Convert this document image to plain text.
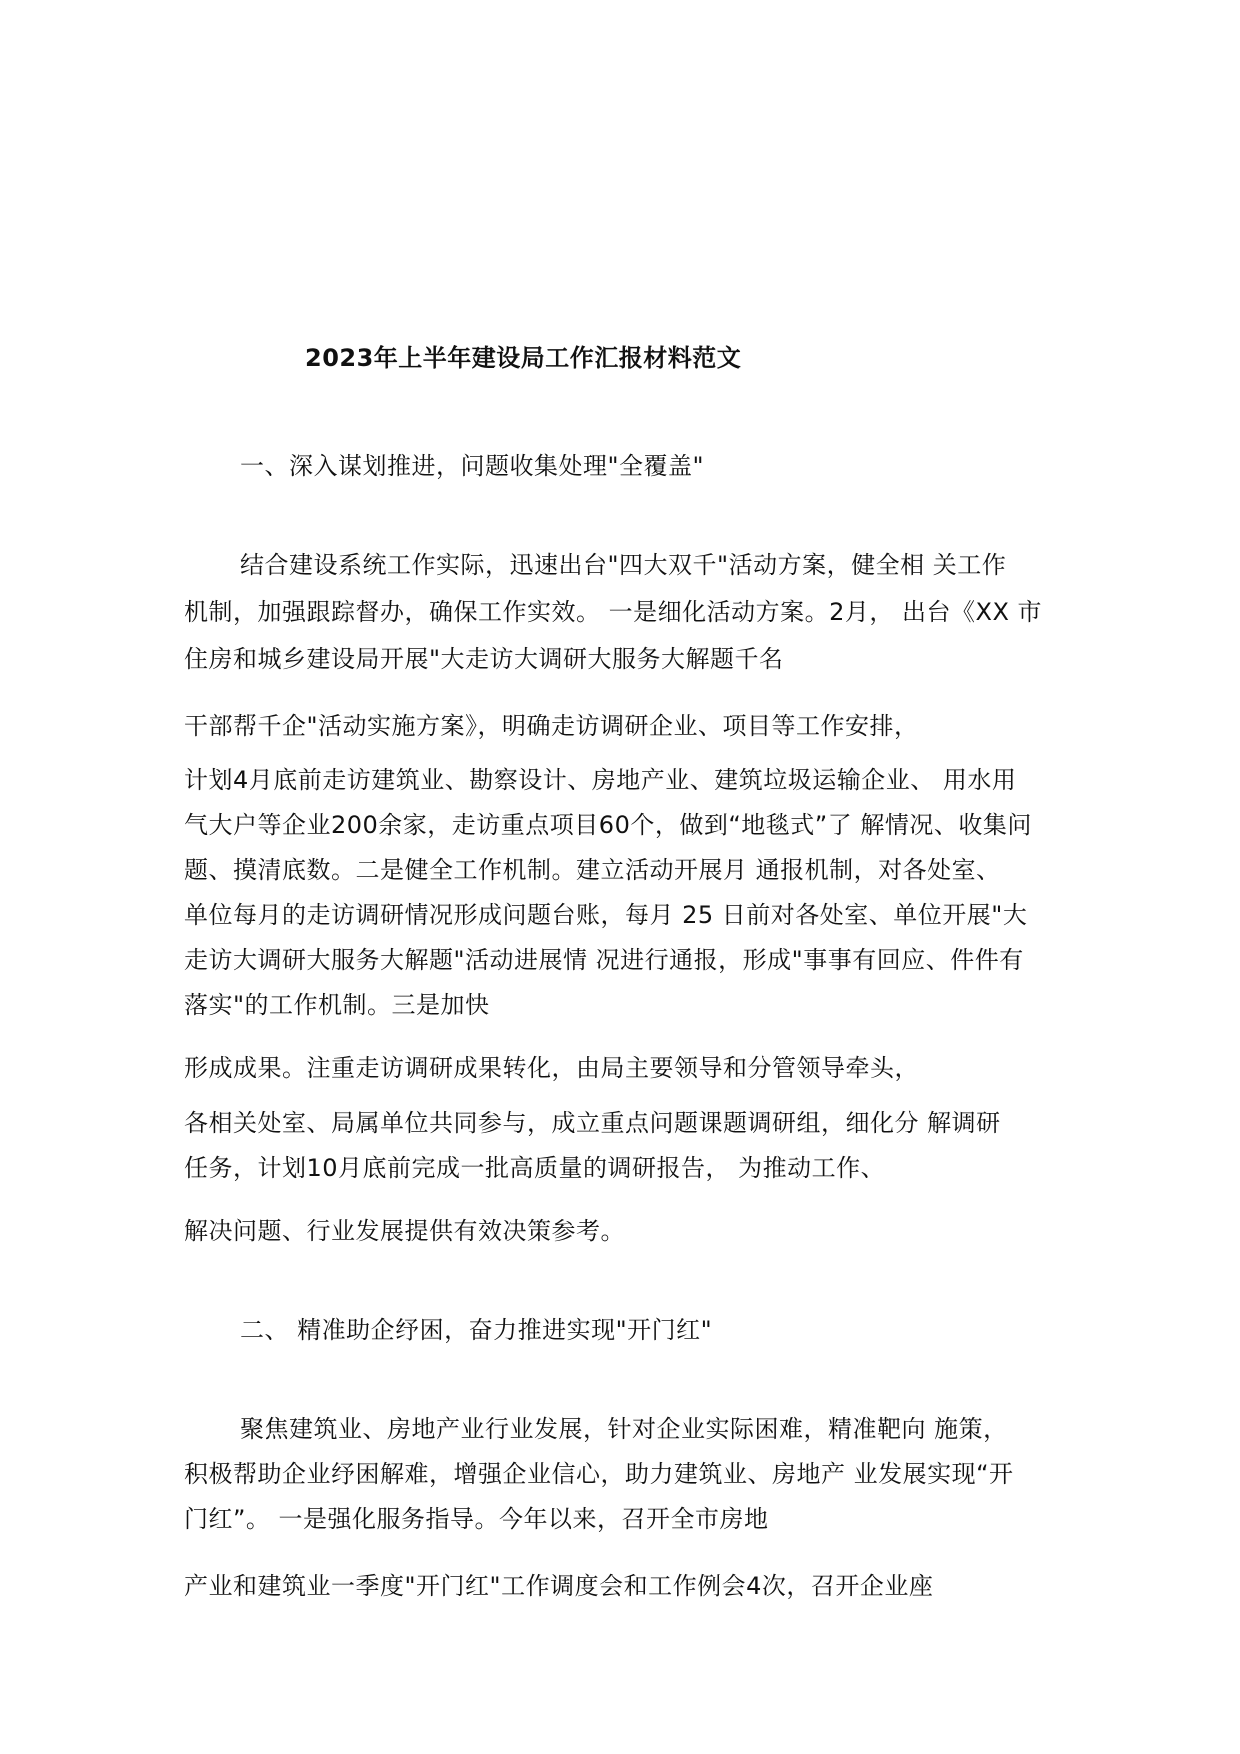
2023年上半年建设局工作汇报材料范文
一、深入谋划推进，问题收集处理"全覆盖"
结合建设系统工作实际，迅速出台"四大双千"活动方案，健全相 关工作
机制，加强跟踪督办，确保工作实效。 一是细化活动方案。2月， 出台《XX 市
住房和城乡建设局开展"大走访大调研大服务大解题千名
干部帮千企"活动实施方案》，明确走访调研企业、项目等工作安排，
计划4月底前走访建筑业、勘察设计、房地产业、建筑垃圾运输企业、 用水用
气大户等企业200余家，走访重点项目60个，做到“地毯式”了 解情况、收集问
题、摸清底数。二是健全工作机制。建立活动开展月 通报机制，对各处室、
单位每月的走访调研情况形成问题台账，每月 25 日前对各处室、单位开展"大
走访大调研大服务大解题"活动进展情 况进行通报，形成"事事有回应、件件有
落实"的工作机制。三是加快
形成成果。注重走访调研成果转化，由局主要领导和分管领导牵头，
各相关处室、局属单位共同参与，成立重点问题课题调研组，细化分 解调研
任务，计划10月底前完成一批高质量的调研报告， 为推动工作、
解决问题、行业发展提供有效决策参考。
二、 精准助企纾困，奋力推进实现"开门红"
聚焦建筑业、房地产业行业发展，针对企业实际困难，精准靶向 施策，
积极帮助企业纾困解难，增强企业信心，助力建筑业、房地产 业发展实现“开
门红”。 一是强化服务指导。今年以来，召开全市房地
产业和建筑业一季度"开门红"工作调度会和工作例会4次，召开企业座
